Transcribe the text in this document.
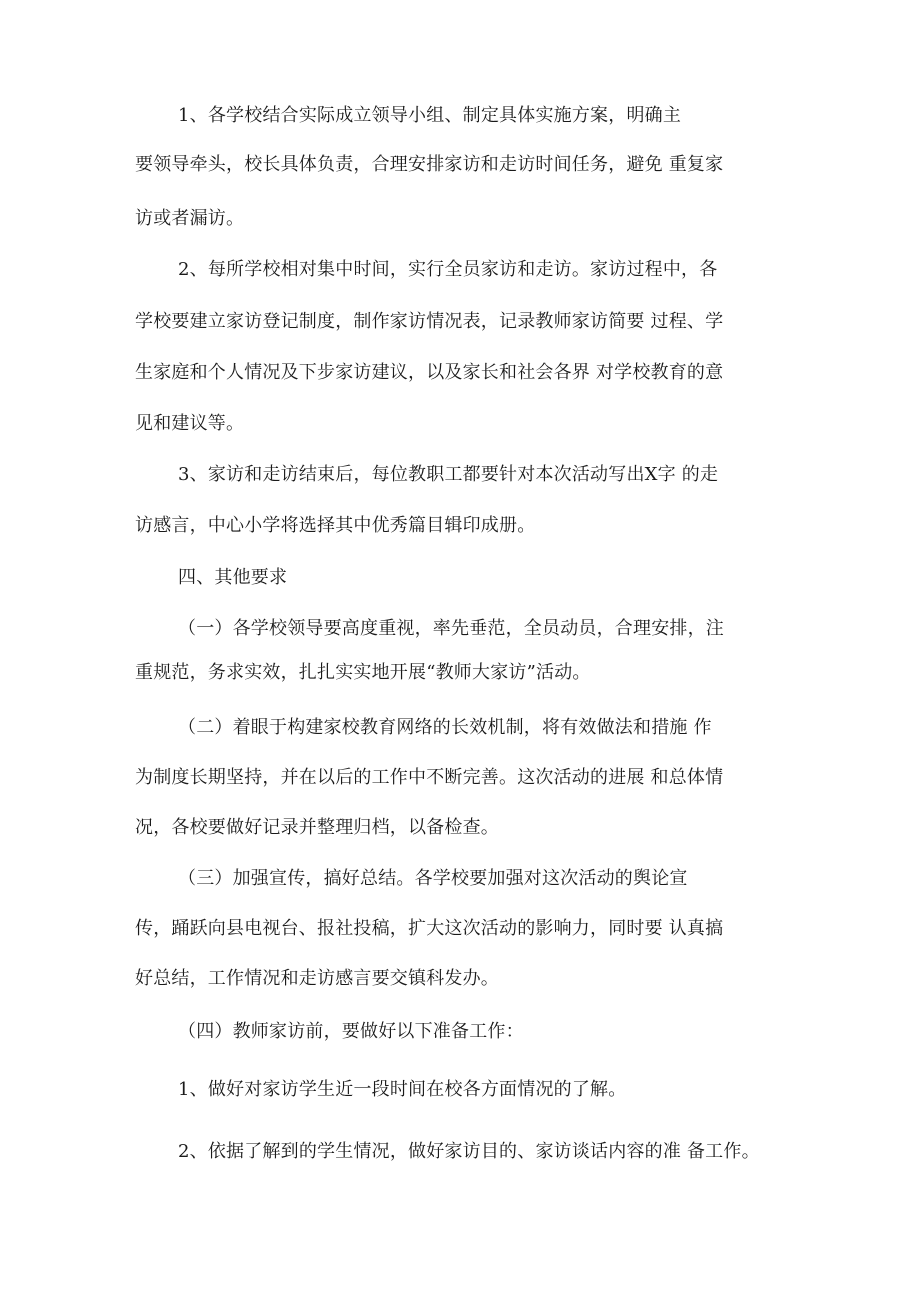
1、各学校结合实际成立领导小组、制定具体实施方案，明确主
要领导牵头，校长具体负责，合理安排家访和走访时间任务，避免 重复家
访或者漏访。
2、每所学校相对集中时间，实行全员家访和走访。家访过程中，各
学校要建立家访登记制度，制作家访情况表，记录教师家访简要 过程、学
生家庭和个人情况及下步家访建议，以及家长和社会各界 对学校教育的意
见和建议等。
3、家访和走访结束后，每位教职工都要针对本次活动写出X字 的走
访感言，中心小学将选择其中优秀篇目辑印成册。
四、其他要求
（一）各学校领导要高度重视，率先垂范，全员动员，合理安排，注
重规范，务求实效，扎扎实实地开展“教师大家访”活动。
（二）着眼于构建家校教育网络的长效机制，将有效做法和措施 作
为制度长期坚持，并在以后的工作中不断完善。这次活动的进展 和总体情
况，各校要做好记录并整理归档，以备检查。
（三）加强宣传，搞好总结。各学校要加强对这次活动的舆论宣
传，踊跃向县电视台、报社投稿，扩大这次活动的影响力，同时要 认真搞
好总结，工作情况和走访感言要交镇科发办。
（四）教师家访前，要做好以下准备工作：
1、做好对家访学生近一段时间在校各方面情况的了解。
2、依据了解到的学生情况，做好家访目的、家访谈话内容的准 备工作。
